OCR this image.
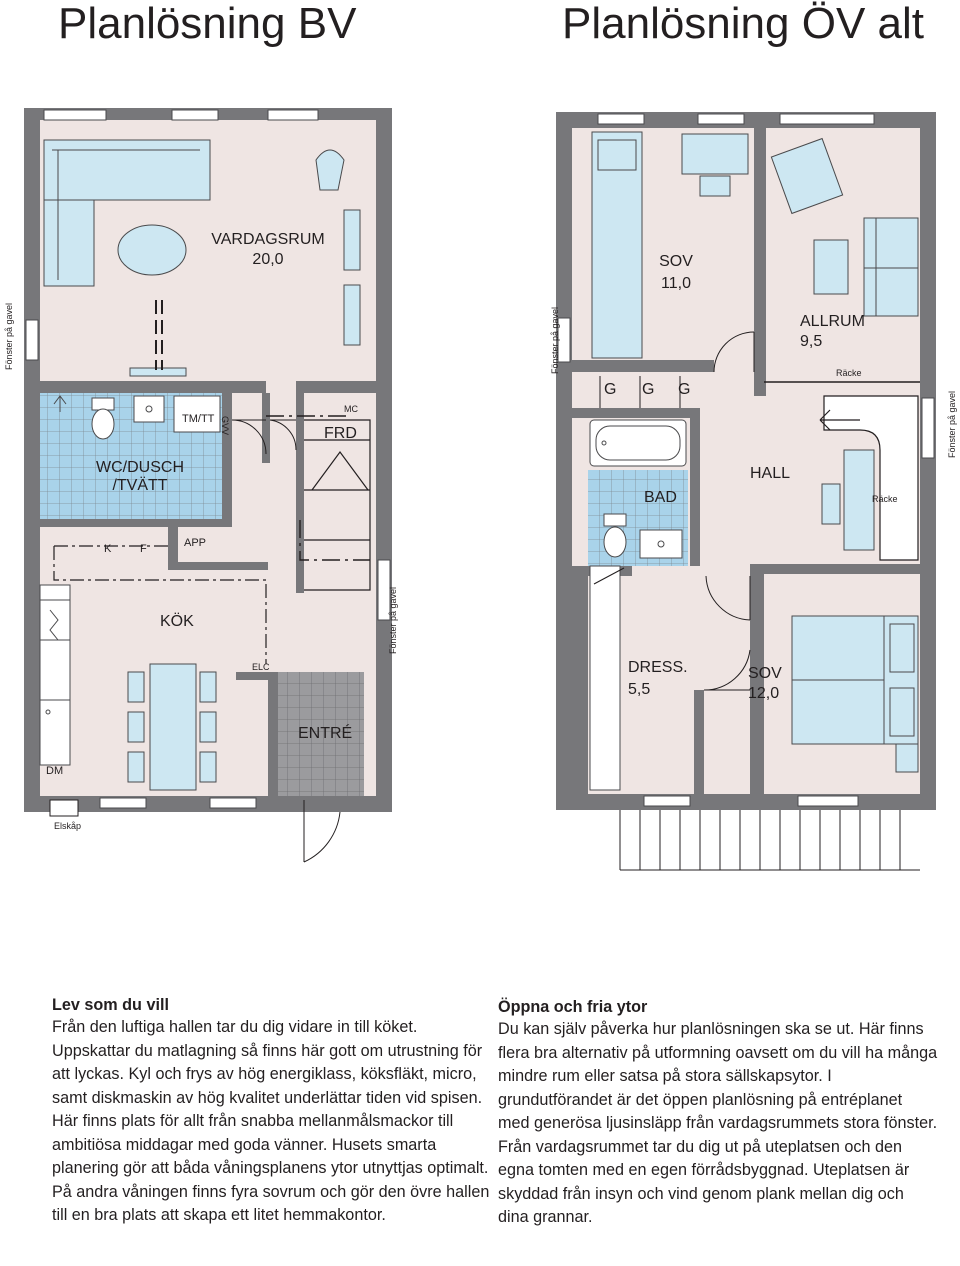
Planlösning BV	Planlösning ÖV alt
VARDAGSRUM
20,0
TM/TT GVV
MC
FRD
WC/DUSCH
/TVÄTT
K	F	APP
KÖK
ELC
ENTRÉ
DM
Elskåp
Fönster på gavel
Fönster på gavel
SOV
11,0
ALLRUM
9,5
Räcke
Räcke
G G G
HALL
BAD
DRESS.
5,5
SOV
12,0
Fönster på gavel
Fönster på gavel
Lev som du vill

Från den luftiga hallen tar du dig vidare in till köket. Uppskattar du matlagning så finns här gott om utrustning för att lyckas. Kyl och frys av hög energiklass, köksfläkt, micro, samt diskmaskin av hög kvalitet underlättar tiden vid spisen. Här finns plats för allt från snabba mellanmålsmackor till ambitiösa middagar med goda vänner. Husets smarta planering gör att båda våningsplanens ytor utnyttjas optimalt. På andra våningen finns fyra sovrum och gör den övre hallen till en bra plats att skapa ett litet hemmakontor.

Öppna och fria ytor

Du kan själv påverka hur planlösningen ska se ut. Här finns flera bra alternativ på utformning oavsett om du vill ha många mindre rum eller satsa på stora sällskapsytor. I grundutförandet är det öppen planlösning på entréplanet med generösa ljusinsläpp från vardagsrummets stora fönster. Från vardagsrummet tar du dig ut på uteplatsen och den egna tomten med en egen förrådsbyggnad. Uteplatsen är skyddad från insyn och vind genom plank mellan dig och dina grannar.
